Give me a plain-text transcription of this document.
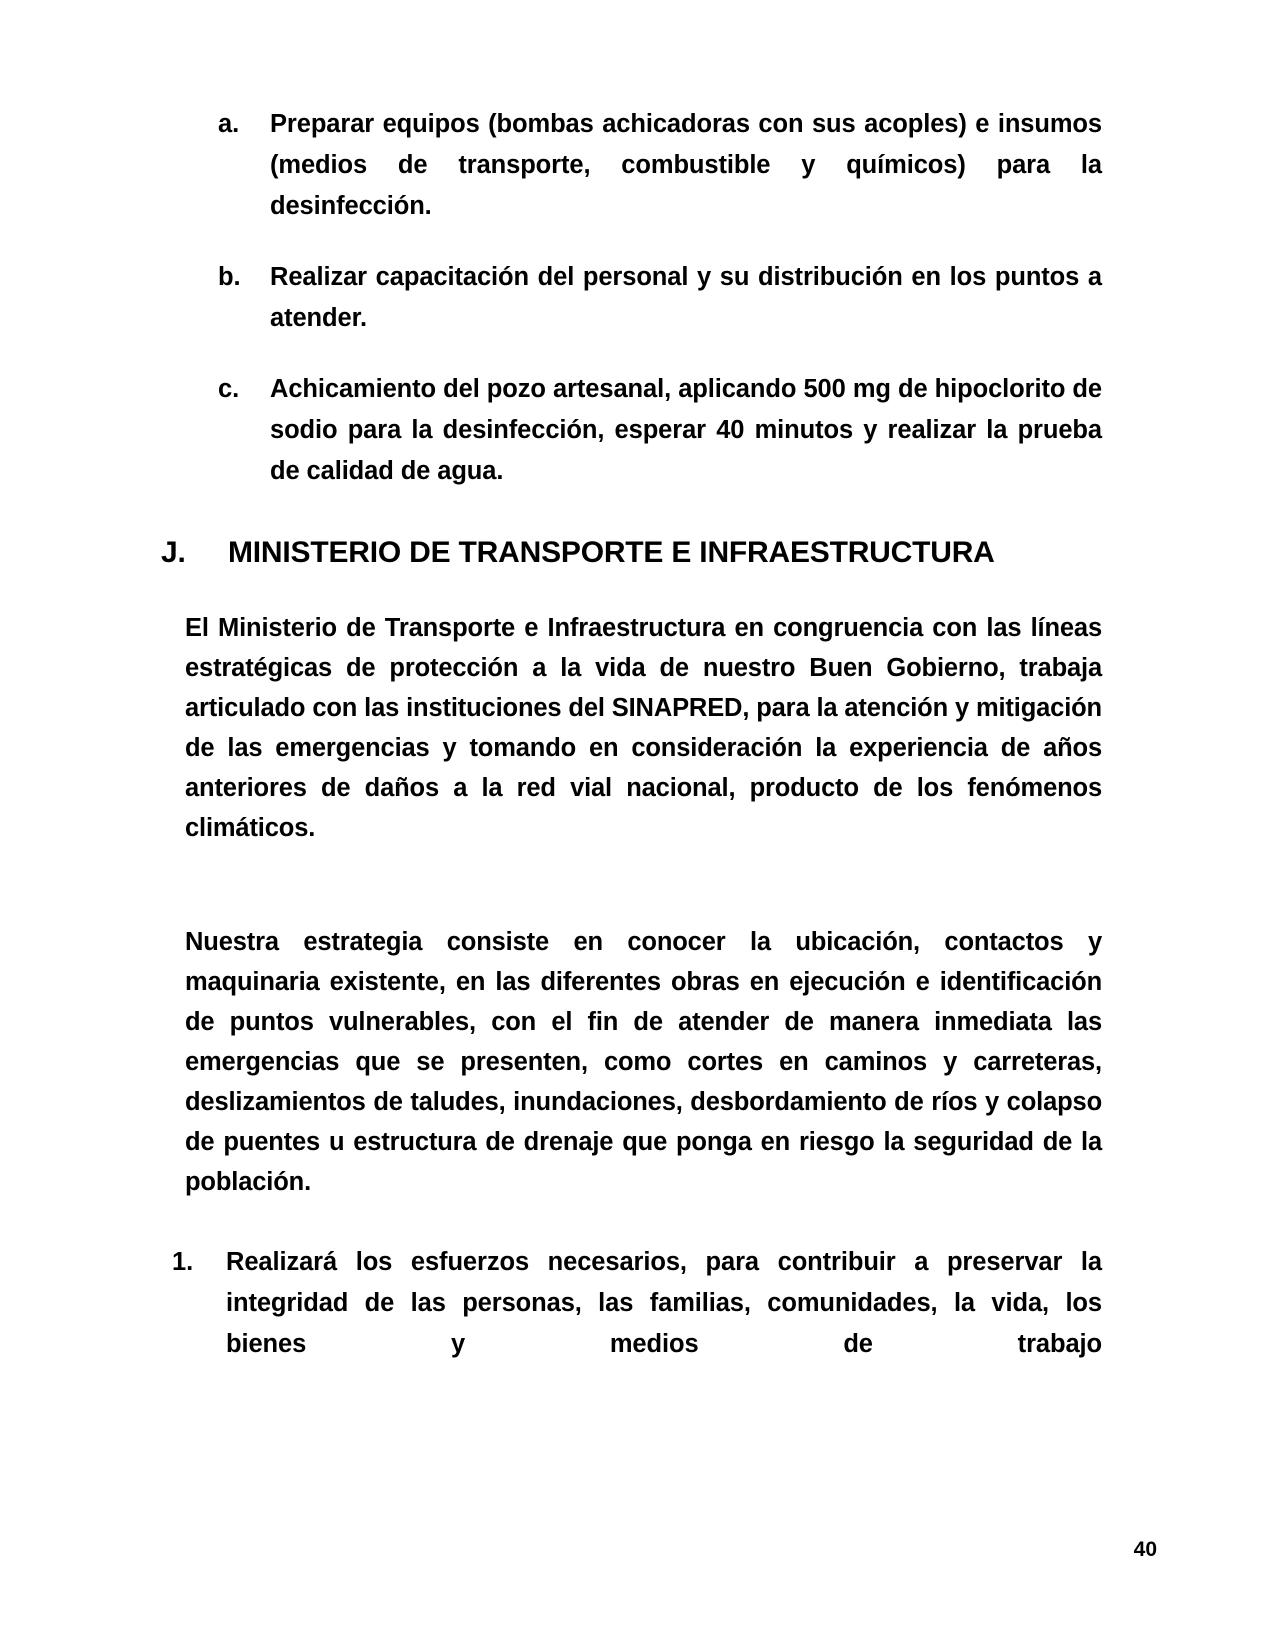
a.	Preparar equipos (bombas achicadoras con sus acoples) e insumos (medios de transporte, combustible y químicos) para la desinfección.
b.	Realizar capacitación del personal y su distribución en los puntos a atender.
c.	Achicamiento del pozo artesanal, aplicando 500 mg de hipoclorito de sodio para la desinfección, esperar 40 minutos y realizar la prueba de calidad de agua.
J. MINISTERIO DE TRANSPORTE E INFRAESTRUCTURA

El Ministerio de Transporte e Infraestructura en congruencia con las líneas estratégicas de protección a la vida de nuestro Buen Gobierno, trabaja articulado con las instituciones del SINAPRED, para la atención y mitigación de las emergencias y tomando en consideración la experiencia de años anteriores de daños a la red vial nacional, producto de los fenómenos climáticos.

Nuestra estrategia consiste en conocer la ubicación, contactos y maquinaria existente, en las diferentes obras en ejecución e identificación de puntos vulnerables, con el fin de atender de manera inmediata las emergencias que se presenten, como cortes en caminos y carreteras, deslizamientos de taludes, inundaciones, desbordamiento de ríos y colapso de puentes u estructura de drenaje que ponga en riesgo la seguridad de la población.

1.	Realizará los esfuerzos necesarios, para contribuir a preservar la integridad de las personas, las familias, comunidades, la vida, los bienes y medios de trabajo
40
